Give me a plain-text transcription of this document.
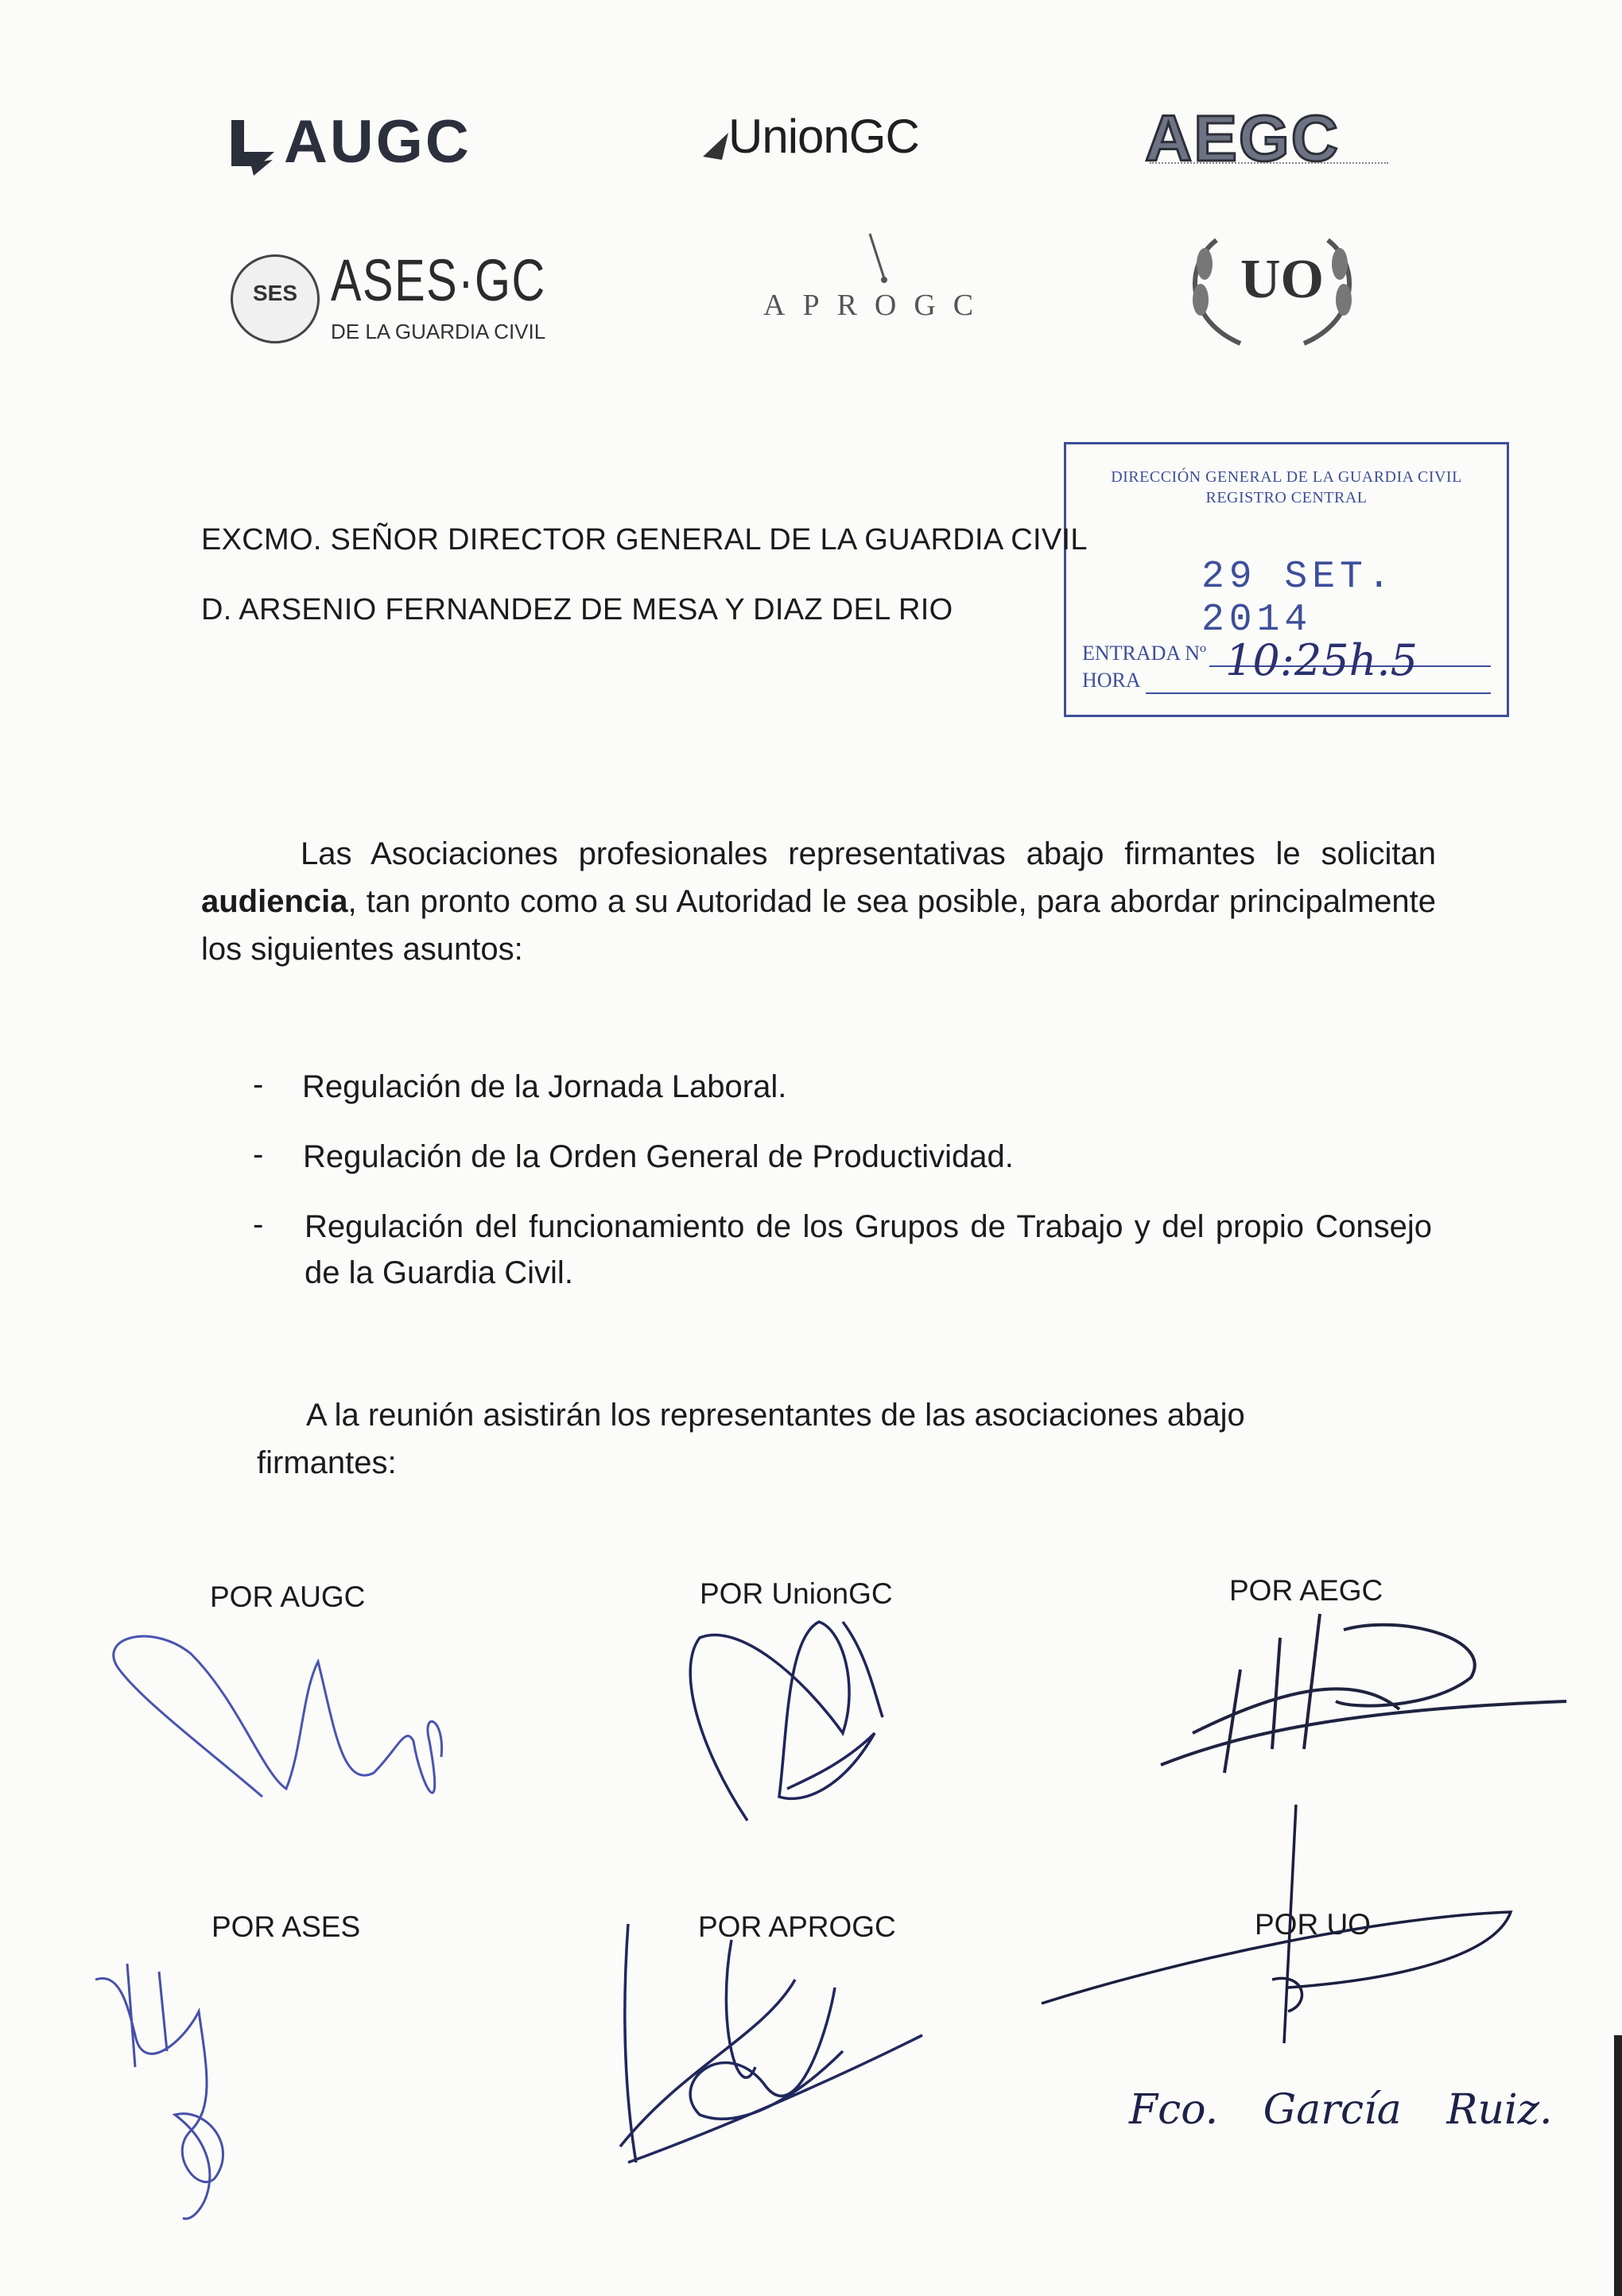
AUGC	UnionGC	AEGC
SES ASES·GC
DE LA GUARDIA CIVIL
APROGC	UO
DIRECCIÓN GENERAL DE LA GUARDIA CIVIL
REGISTRO CENTRAL
29 SET. 2014
ENTRADA Nº
HORA 10:25h.5
EXCMO. SEÑOR DIRECTOR GENERAL DE LA GUARDIA CIVIL
D. ARSENIO FERNANDEZ DE MESA Y DIAZ DEL RIO
Las Asociaciones profesionales representativas abajo firmantes le solicitan audiencia, tan pronto como a su Autoridad le sea posible, para abordar principalmente los siguientes asuntos:
- Regulación de la Jornada Laboral.
- Regulación de la Orden General de Productividad.
- Regulación del funcionamiento de los Grupos de Trabajo y del propio Consejo de la Guardia Civil.
A la reunión asistirán los representantes de las asociaciones abajo firmantes:
POR AUGC	POR UnionGC	POR AEGC
POR ASES	POR APROGC	POR UO
Fco. García Ruiz.
